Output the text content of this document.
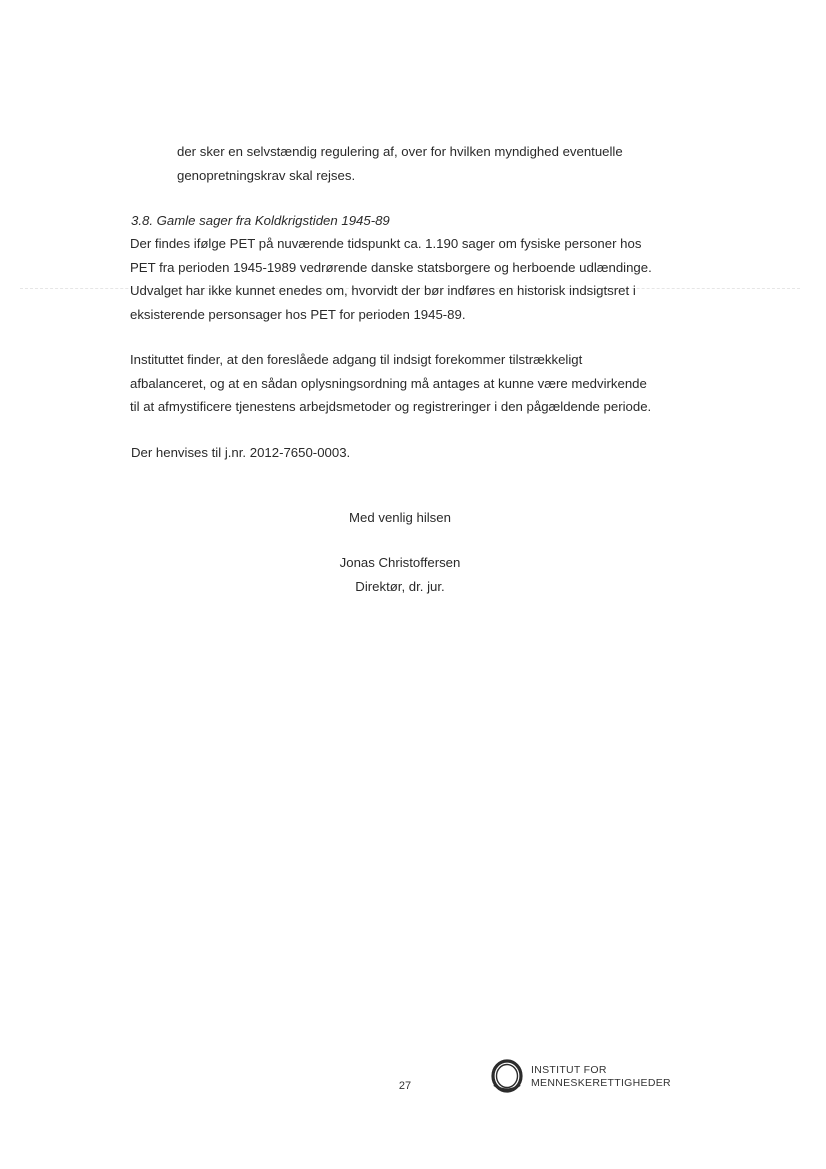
der sker en selvstændig regulering af, over for hvilken myndighed eventuelle
genopretningskrav skal rejses.

3.8. Gamle sager fra Koldkrigstiden 1945-89

Der findes ifølge PET på nuværende tidspunkt ca. 1.190 sager om fysiske personer hos
PET fra perioden 1945-1989 vedrørende danske statsborgere og herboende udlændinge.
Udvalget har ikke kunnet enedes om, hvorvidt der bør indføres en historisk indsigtsret i
eksisterende personsager hos PET for perioden 1945-89.
Instituttet finder, at den foreslåede adgang til indsigt forekommer tilstrækkeligt
afbalanceret, og at en sådan oplysningsordning må antages at kunne være medvirkende
til at afmystificere tjenestens arbejdsmetoder og registreringer i den pågældende periode.
Der henvises til j.nr. 2012-7650-0003.
Med venlig hilsen
Jonas Christoffersen
Direktør, dr. jur.
27
INSTITUT FOR
MENNESKERETTIGHEDER
